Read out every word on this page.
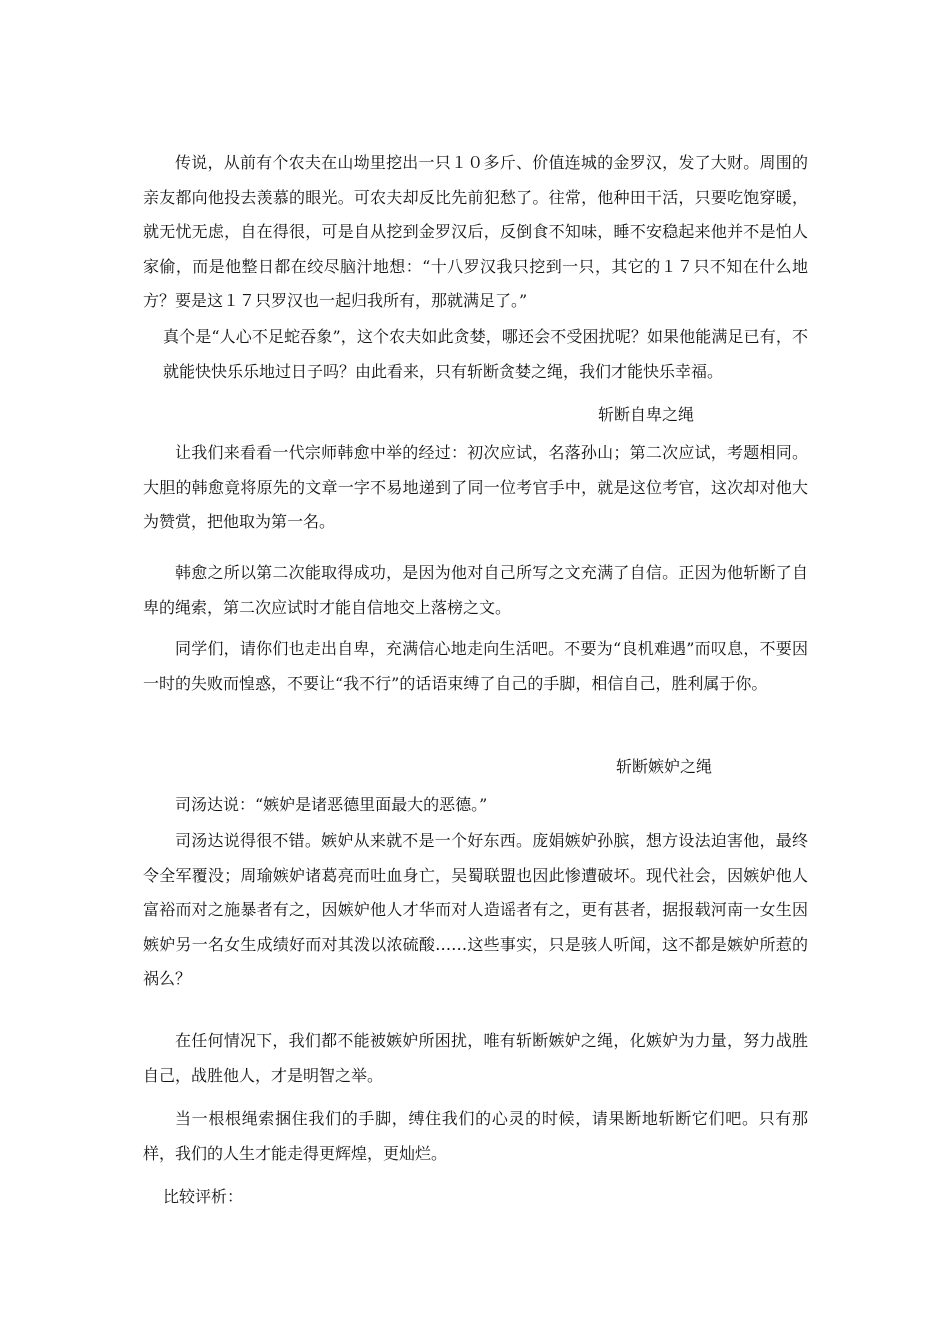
传说，从前有个农夫在山坳里挖出一只１０多斤、价值连城的金罗汉，发了大财。周围的亲友都向他投去羡慕的眼光。可农夫却反比先前犯愁了。往常，他种田干活，只要吃饱穿暖，就无忧无虑，自在得很，可是自从挖到金罗汉后，反倒食不知味，睡不安稳起来他并不是怕人家偷，而是他整日都在绞尽脑汁地想：“十八罗汉我只挖到一只，其它的１７只不知在什么地方？要是这１７只罗汉也一起归我所有，那就满足了。”

真个是“人心不足蛇吞象”，这个农夫如此贪婪，哪还会不受困扰呢？如果他能满足已有，不就能快快乐乐地过日子吗？由此看来，只有斩断贪婪之绳，我们才能快乐幸福。

斩断自卑之绳

让我们来看看一代宗师韩愈中举的经过：初次应试，名落孙山；第二次应试，考题相同。大胆的韩愈竟将原先的文章一字不易地递到了同一位考官手中，就是这位考官，这次却对他大为赞赏，把他取为第一名。

韩愈之所以第二次能取得成功，是因为他对自己所写之文充满了自信。正因为他斩断了自卑的绳索，第二次应试时才能自信地交上落榜之文。

同学们，请你们也走出自卑，充满信心地走向生活吧。不要为“良机难遇”而叹息，不要因一时的失败而惶惑，不要让“我不行”的话语束缚了自己的手脚，相信自己，胜利属于你。

斩断嫉妒之绳

司汤达说：“嫉妒是诸恶德里面最大的恶德。”

司汤达说得很不错。嫉妒从来就不是一个好东西。庞娟嫉妒孙膑，想方设法迫害他，最终令全军覆没；周瑜嫉妒诸葛亮而吐血身亡，吴蜀联盟也因此惨遭破坏。现代社会，因嫉妒他人富裕而对之施暴者有之，因嫉妒他人才华而对人造谣者有之，更有甚者，据报载河南一女生因嫉妒另一名女生成绩好而对其泼以浓硫酸……这些事实，只是骇人听闻，这不都是嫉妒所惹的祸么？

在任何情况下，我们都不能被嫉妒所困扰，唯有斩断嫉妒之绳，化嫉妒为力量，努力战胜自己，战胜他人，才是明智之举。

当一根根绳索捆住我们的手脚，缚住我们的心灵的时候，请果断地斩断它们吧。只有那样，我们的人生才能走得更辉煌，更灿烂。

比较评析：
